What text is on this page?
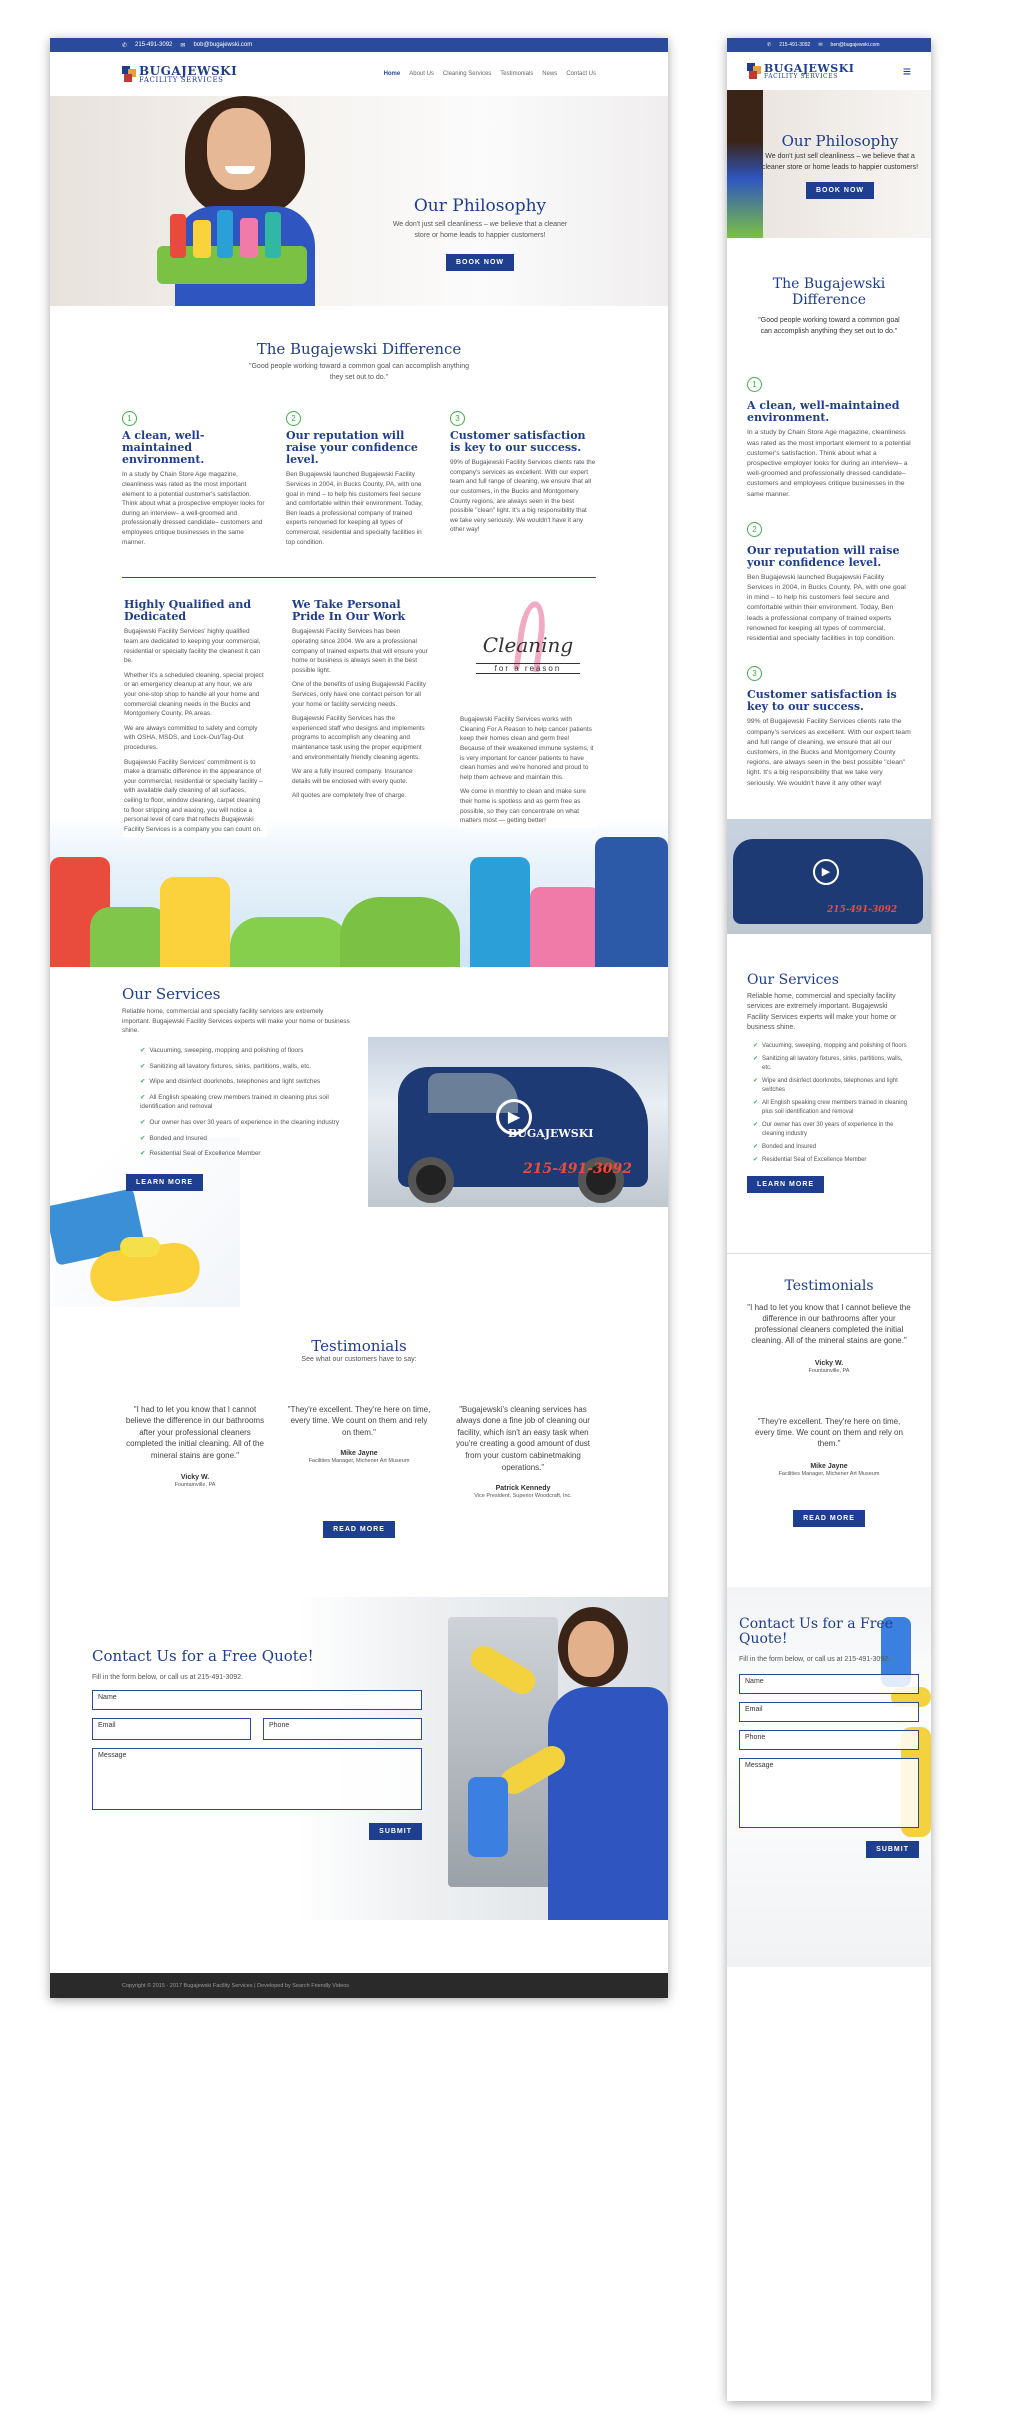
✆ 215-491-3092 ✉ bob@bugajewski.com
BUGAJEWSKI
FACILITY SERVICES
Home About Us Cleaning Services Testimonials News Contact Us
Our Philosophy
We don't just sell cleanliness – we believe that a cleaner store or home leads to happier customers!
BOOK NOW
The Bugajewski Difference
"Good people working toward a common goal can accomplish anything they set out to do."
1
A clean, well-maintained environment.
In a study by Chain Store Age magazine, cleanliness was rated as the most important element to a potential customer's satisfaction. Think about what a prospective employer looks for during an interview– a well-groomed and professionally dressed candidate– customers and employees critique businesses in the same manner.
2
Our reputation will raise your confidence level.
Ben Bugajewski launched Bugajewski Facility Services in 2004, in Bucks County, PA, with one goal in mind – to help his customers feel secure and comfortable within their environment. Today, Ben leads a professional company of trained experts renowned for keeping all types of commercial, residential and specialty facilities in top condition.
3
Customer satisfaction is key to our success.
99% of Bugajewski Facility Services clients rate the company's services as excellent. With our expert team and full range of cleaning, we ensure that all our customers, in the Bucks and Montgomery County regions, are always seen in the best possible "clean" light. It's a big responsibility that we take very seriously. We wouldn't have it any other way!
Highly Qualified and Dedicated
Bugajewski Facility Services' highly qualified team are dedicated to keeping your commercial, residential or specialty facility the cleanest it can be.
Whether it's a scheduled cleaning, special project or an emergency cleanup at any hour, we are your one-stop shop to handle all your home and commercial cleaning needs in the Bucks and Montgomery County, PA areas.
We are always committed to safety and comply with OSHA, MSDS, and Lock-Out/Tag-Out procedures.
Bugajewski Facility Services' commitment is to make a dramatic difference in the appearance of your commercial, residential or specialty facility – with available daily cleaning of all surfaces, ceiling to floor, window cleaning, carpet cleaning to floor stripping and waxing, you will notice a personal level of care that reflects Bugajewski Facility Services is a company you can count on.
We Take Personal Pride In Our Work
Bugajewski Facility Services has been operating since 2004. We are a professional company of trained experts that will ensure your home or business is always seen in the best possible light.
One of the benefits of using Bugajewski Facility Services, only have one contact person for all your home or facility servicing needs.
Bugajewski Facility Services has the experienced staff who designs and implements programs to accomplish any cleaning and maintenance task using the proper equipment and environmentally friendly cleaning agents.
We are a fully insured company. Insurance details will be enclosed with every quote.
All quotes are completely free of charge.
Cleaning
for a reason
Bugajewski Facility Services works with Cleaning For A Reason to help cancer patients keep their homes clean and germ free! Because of their weakened immune systems, it is very important for cancer patients to have clean homes and we're honored and proud to help them achieve and maintain this.
We come in monthly to clean and make sure their home is spotless and as germ free as possible, so they can concentrate on what matters most — getting better!
Our Services
Reliable home, commercial and specialty facility services are extremely important. Bugajewski Facility Services experts will make your home or business shine.
✔ Vacuuming, sweeping, mopping and polishing of floors
✔ Sanitizing all lavatory fixtures, sinks, partitions, walls, etc.
✔ Wipe and disinfect doorknobs, telephones and light switches
✔ All English speaking crew members trained in cleaning plus soil identification and removal
✔ Our owner has over 30 years of experience in the cleaning industry
✔ Bonded and Insured
✔ Residential Seal of Excellence Member
LEARN MORE
▶
BUGAJEWSKI
215-491-3092
Testimonials
See what our customers have to say:
"I had to let you know that I cannot believe the difference in our bathrooms after your professional cleaners completed the initial cleaning. All of the mineral stains are gone."
Vicky W.
Fountainville, PA
"They're excellent. They're here on time, every time. We count on them and rely on them."
Mike Jayne
Facilities Manager, Michener Art Museum
"Bugajewski's cleaning services has always done a fine job of cleaning our facility, which isn't an easy task when you're creating a good amount of dust from your custom cabinetmaking operations."
Patrick Kennedy
Vice President, Superior Woodcraft, Inc.
READ MORE
Contact Us for a Free Quote!
Fill in the form below, or call us at 215-491-3092.
Name
Email	Phone
Message
SUBMIT
Copyright © 2015 - 2017 Bugajewski Facility Services | Developed by Search Friendly Videos
✆ 215-491-3092 ✉ ben@bugajewski.com
BUGAJEWSKI
FACILITY SERVICES	≡
Our Philosophy
We don't just sell cleanliness – we believe that a cleaner store or home leads to happier customers!
BOOK NOW
The Bugajewski Difference
"Good people working toward a common goal can accomplish anything they set out to do."
1
A clean, well-maintained environment.
In a study by Chain Store Age magazine, cleanliness was rated as the most important element to a potential customer's satisfaction. Think about what a prospective employer looks for during an interview– a well-groomed and professionally dressed candidate– customers and employees critique businesses in the same manner.
2
Our reputation will raise your confidence level.
Ben Bugajewski launched Bugajewski Facility Services in 2004, in Bucks County, PA, with one goal in mind – to help his customers feel secure and comfortable within their environment. Today, Ben leads a professional company of trained experts renowned for keeping all types of commercial, residential and specialty facilities in top condition.
3
Customer satisfaction is key to our success.
99% of Bugajewski Facility Services clients rate the company's services as excellent. With our expert team and full range of cleaning, we ensure that all our customers, in the Bucks and Montgomery County regions, are always seen in the best possible "clean" light. It's a big responsibility that we take very seriously. We wouldn't have it any other way!
▶
215-491-3092
Our Services
Reliable home, commercial and specialty facility services are extremely important. Bugajewski Facility Services experts will make your home or business shine.
✔ Vacuuming, sweeping, mopping and polishing of floors
✔ Sanitizing all lavatory fixtures, sinks, partitions, walls, etc.
✔ Wipe and disinfect doorknobs, telephones and light switches
✔ All English speaking crew members trained in cleaning plus soil identification and removal
✔ Our owner has over 30 years of experience in the cleaning industry
✔ Bonded and Insured
✔ Residential Seal of Excellence Member
LEARN MORE
Testimonials
"I had to let you know that I cannot believe the difference in our bathrooms after your professional cleaners completed the initial cleaning. All of the mineral stains are gone."
Vicky W.
Fountainville, PA
"They're excellent. They're here on time, every time. We count on them and rely on them."
Mike Jayne
Facilities Manager, Michener Art Museum
READ MORE
Contact Us for a Free Quote!
Fill in the form below, or call us at 215-491-3092.
Name
Email
Phone
Message
SUBMIT
